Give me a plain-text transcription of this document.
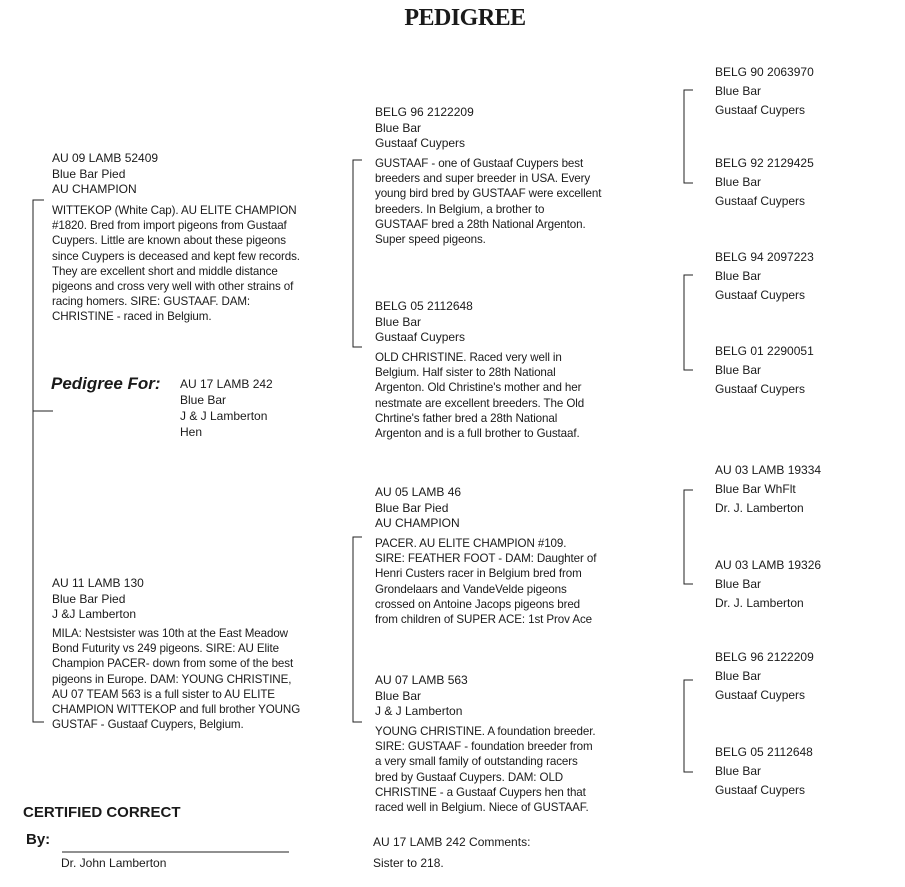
PEDIGREE
AU 09 LAMB 52409
Blue Bar Pied
AU CHAMPION
WITTEKOP (White Cap). AU ELITE CHAMPION
#1820. Bred from import pigeons from Gustaaf
Cuypers. Little are known about these pigeons
since Cuypers is deceased and kept few records.
They are excellent short and middle distance
pigeons and cross very well with other strains of
racing homers. SIRE: GUSTAAF. DAM:
CHRISTINE - raced in Belgium.
Pedigree For: AU 17 LAMB 242
Blue Bar
J & J Lamberton
Hen
AU 11 LAMB 130
Blue Bar Pied
J &J Lamberton
MILA: Nestsister was 10th at the East Meadow
Bond Futurity vs 249 pigeons. SIRE: AU Elite
Champion PACER- down from some of the best
pigeons in Europe. DAM: YOUNG CHRISTINE,
AU 07 TEAM 563 is a full sister to AU ELITE
CHAMPION WITTEKOP and full brother YOUNG
GUSTAF - Gustaaf Cuypers, Belgium.
BELG 96 2122209
Blue Bar
Gustaaf Cuypers
GUSTAAF - one of Gustaaf Cuypers best
breeders and super breeder in USA. Every
young bird bred by GUSTAAF were excellent
breeders. In Belgium, a brother to
GUSTAAF bred a 28th National Argenton.
Super speed pigeons.
BELG 05 2112648
Blue Bar
Gustaaf Cuypers
OLD CHRISTINE. Raced very well in
Belgium. Half sister to 28th National
Argenton. Old Christine's mother and her
nestmate are excellent breeders. The Old
Chrtine's father bred a 28th National
Argenton and is a full brother to Gustaaf.
AU 05 LAMB 46
Blue Bar Pied
AU CHAMPION
PACER. AU ELITE CHAMPION #109.
SIRE: FEATHER FOOT - DAM: Daughter of
Henri Custers racer in Belgium bred from
Grondelaars and VandeVelde pigeons
crossed on Antoine Jacops pigeons bred
from children of SUPER ACE: 1st Prov Ace
AU 07 LAMB 563
Blue Bar
J & J Lamberton
YOUNG CHRISTINE. A foundation breeder.
SIRE: GUSTAAF - foundation breeder from
a very small family of outstanding racers
bred by Gustaaf Cuypers. DAM: OLD
CHRISTINE - a Gustaaf Cuypers hen that
raced well in Belgium. Niece of GUSTAAF.
BELG 90 2063970
Blue Bar
Gustaaf Cuypers
BELG 92 2129425
Blue Bar
Gustaaf Cuypers
BELG 94 2097223
Blue Bar
Gustaaf Cuypers
BELG 01 2290051
Blue Bar
Gustaaf Cuypers
AU 03 LAMB 19334
Blue Bar WhFlt
Dr. J. Lamberton
AU 03 LAMB 19326
Blue Bar
Dr. J. Lamberton
BELG 96 2122209
Blue Bar
Gustaaf Cuypers
BELG 05 2112648
Blue Bar
Gustaaf Cuypers
CERTIFIED CORRECT
By:
Dr. John Lamberton
AU 17 LAMB 242 Comments:
Sister to 218.
